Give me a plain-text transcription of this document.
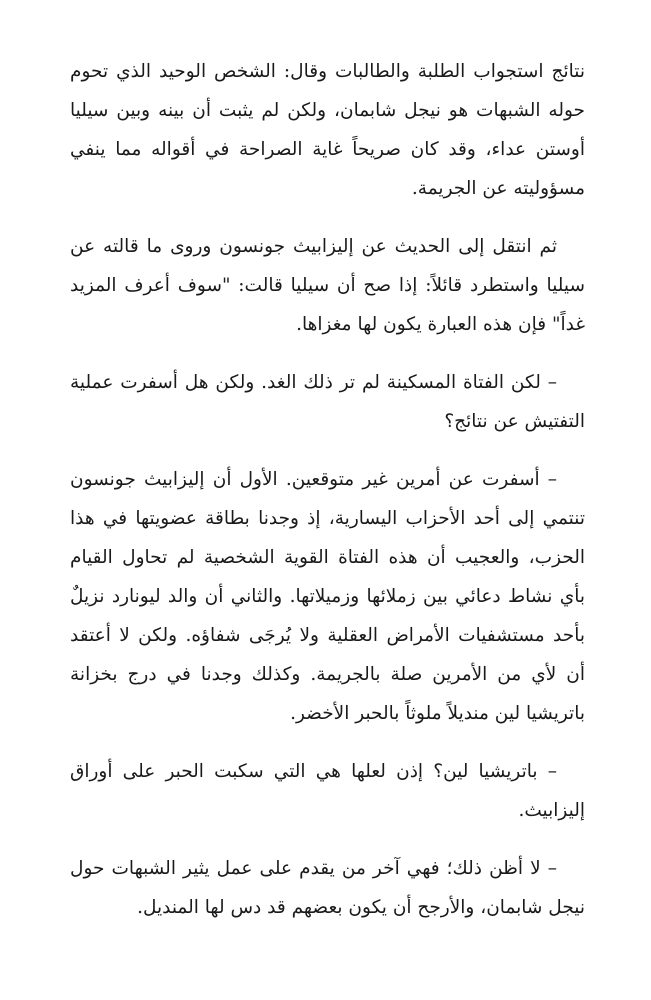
نتائج استجواب الطلبة والطالبات وقال: الشخص الوحيد الذي تحوم حوله الشبهات هو نيجل شابمان، ولكن لم يثبت أن بينه وبين سيليا أوستن عداء، وقد كان صريحاً غاية الصراحة في أقواله مما ينفي مسؤوليته عن الجريمة.

ثم انتقل إلى الحديث عن إليزابيث جونسون وروى ما قالته عن سيليا واستطرد قائلاً: إذا صح أن سيليا قالت: "سوف أعرف المزيد غداً" فإن هذه العبارة يكون لها مغزاها.

– لكن الفتاة المسكينة لم تر ذلك الغد. ولكن هل أسفرت عملية التفتيش عن نتائج؟

– أسفرت عن أمرين غير متوقعين. الأول أن إليزابيث جونسون تنتمي إلى أحد الأحزاب اليسارية، إذ وجدنا بطاقة عضويتها في هذا الحزب، والعجيب أن هذه الفتاة القوية الشخصية لم تحاول القيام بأي نشاط دعائي بين زملائها وزميلاتها. والثاني أن والد ليونارد نزيلٌ بأحد مستشفيات الأمراض العقلية ولا يُرجَى شفاؤه. ولكن لا أعتقد أن لأي من الأمرين صلة بالجريمة. وكذلك وجدنا في درج بخزانة باتريشيا لين منديلاً ملوثاً بالحبر الأخضر.

– باتريشيا لين؟ إذن لعلها هي التي سكبت الحبر على أوراق إليزابيث.

– لا أظن ذلك؛ فهي آخر من يقدم على عمل يثير الشبهات حول نيجل شابمان، والأرجح أن يكون بعضهم قد دس لها المنديل.
